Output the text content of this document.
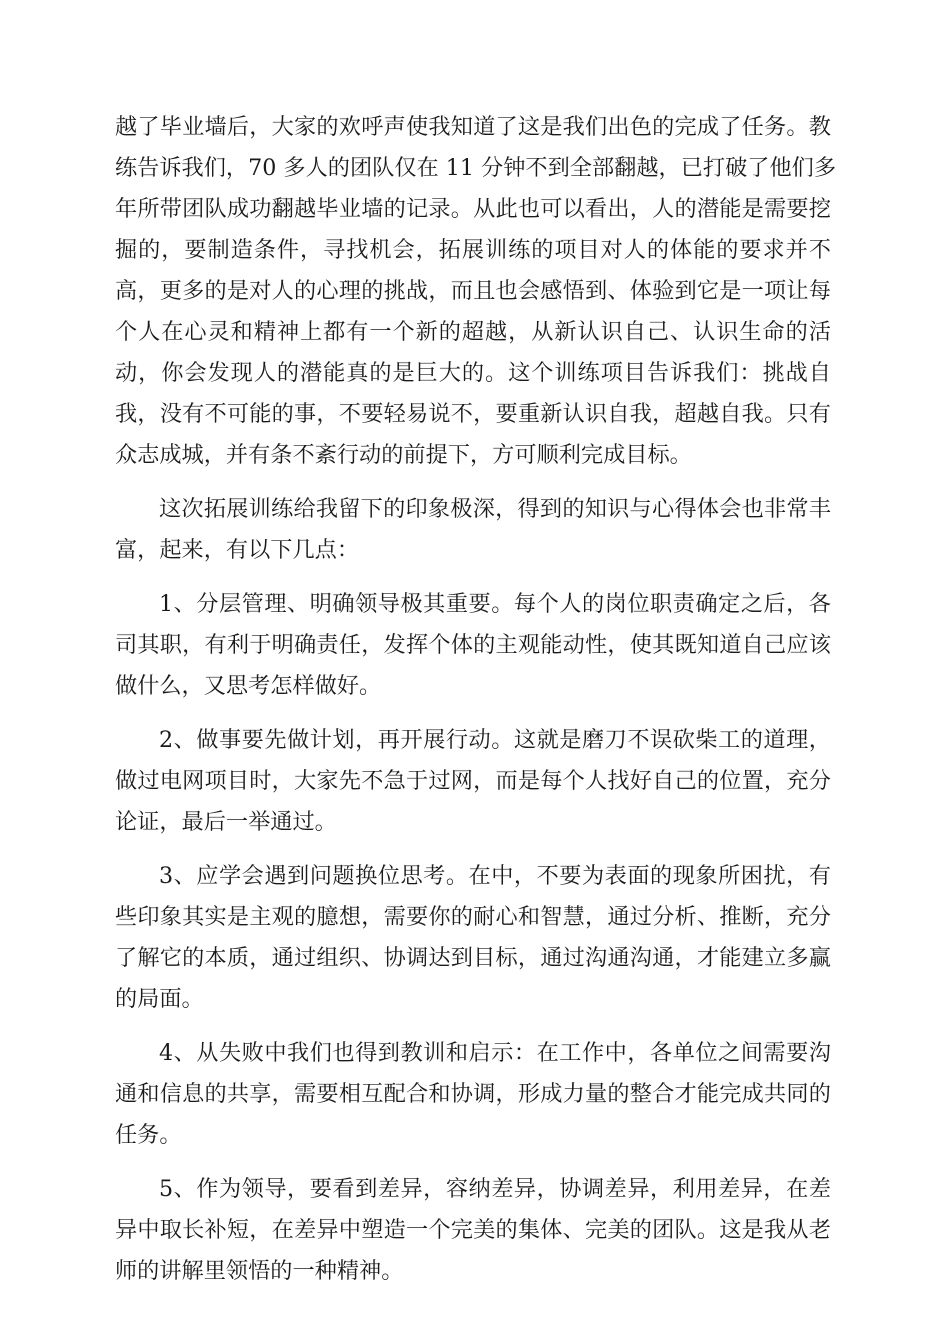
越了毕业墙后，大家的欢呼声使我知道了这是我们出色的完成了任务。教
练告诉我们，70 多人的团队仅在 11 分钟不到全部翻越，已打破了他们多
年所带团队成功翻越毕业墙的记录。从此也可以看出，人的潜能是需要挖
掘的，要制造条件，寻找机会，拓展训练的项目对人的体能的要求并不
高，更多的是对人的心理的挑战，而且也会感悟到、体验到它是一项让每
个人在心灵和精神上都有一个新的超越，从新认识自己、认识生命的活
动，你会发现人的潜能真的是巨大的。这个训练项目告诉我们：挑战自
我，没有不可能的事，不要轻易说不，要重新认识自我，超越自我。只有
众志成城，并有条不紊行动的前提下，方可顺利完成目标。

这次拓展训练给我留下的印象极深，得到的知识与心得体会也非常丰
富，起来，有以下几点：

1、分层管理、明确领导极其重要。每个人的岗位职责确定之后，各
司其职，有利于明确责任，发挥个体的主观能动性，使其既知道自己应该
做什么，又思考怎样做好。

2、做事要先做计划，再开展行动。这就是磨刀不误砍柴工的道理，
做过电网项目时，大家先不急于过网，而是每个人找好自己的位置，充分
论证，最后一举通过。

3、应学会遇到问题换位思考。在中，不要为表面的现象所困扰，有
些印象其实是主观的臆想，需要你的耐心和智慧，通过分析、推断，充分
了解它的本质，通过组织、协调达到目标，通过沟通沟通，才能建立多赢
的局面。

4、从失败中我们也得到教训和启示：在工作中，各单位之间需要沟
通和信息的共享，需要相互配合和协调，形成力量的整合才能完成共同的
任务。

5、作为领导，要看到差异，容纳差异，协调差异，利用差异，在差
异中取长补短，在差异中塑造一个完美的集体、完美的团队。这是我从老
师的讲解里领悟的一种精神。
